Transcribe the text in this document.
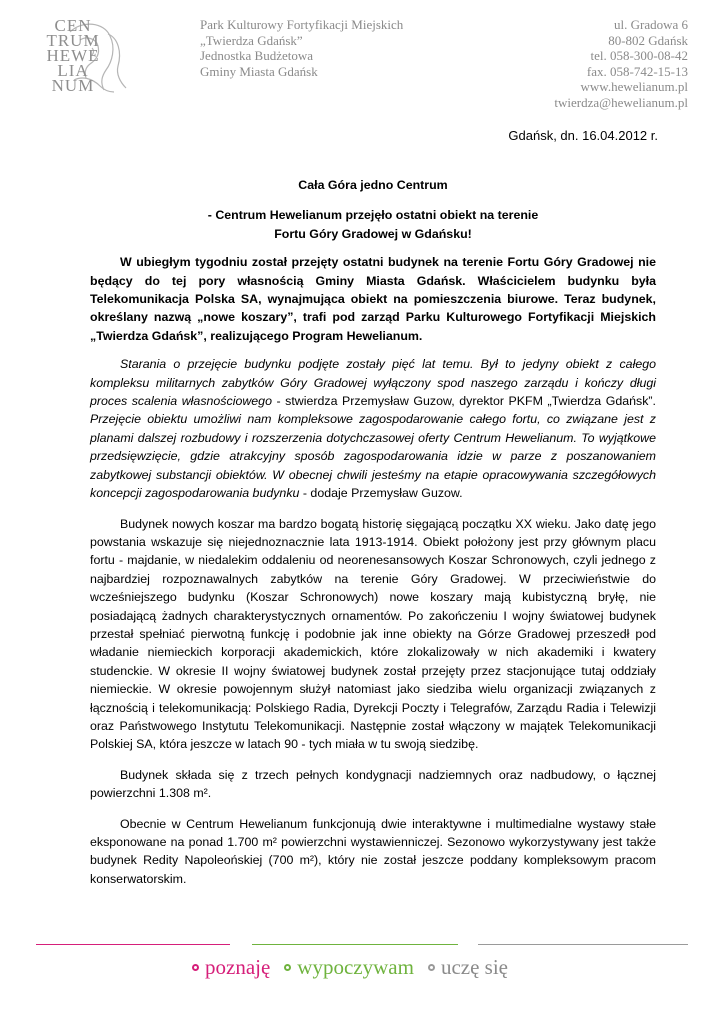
CEN
TRUM
HEWE
LIA
NUM
Park Kulturowy Fortyfikacji Miejskich
„Twierdza Gdańsk”
Jednostka Budżetowa
Gminy Miasta Gdańsk
ul. Gradowa 6
80-802 Gdańsk
tel. 058-300-08-42
fax. 058-742-15-13
www.hewelianum.pl
twierdza@hewelianum.pl
Gdańsk, dn. 16.04.2012 r.
Cała Góra jedno Centrum
- Centrum Hewelianum przejęło ostatni obiekt na terenie
Fortu Góry Gradowej w Gdańsku!

W ubiegłym tygodniu został przejęty ostatni budynek na terenie Fortu Góry Gradowej nie będący do tej pory własnością Gminy Miasta Gdańsk. Właścicielem budynku była Telekomunikacja Polska SA, wynajmująca obiekt na pomieszczenia biurowe. Teraz budynek, określany nazwą „nowe koszary”, trafi pod zarząd Parku Kulturowego Fortyfikacji Miejskich „Twierdza Gdańsk”, realizującego Program Hewelianum.

Starania o przejęcie budynku podjęte zostały pięć lat temu. Był to jedyny obiekt z całego kompleksu militarnych zabytków Góry Gradowej wyłączony spod naszego zarządu i kończy długi proces scalenia własnościowego - stwierdza Przemysław Guzow, dyrektor PKFM „Twierdza Gdańsk”. Przejęcie obiektu umożliwi nam kompleksowe zagospodarowanie całego fortu, co związane jest z planami dalszej rozbudowy i rozszerzenia dotychczasowej oferty Centrum Hewelianum. To wyjątkowe przedsięwzięcie, gdzie atrakcyjny sposób zagospodarowania idzie w parze z poszanowaniem zabytkowej substancji obiektów. W obecnej chwili jesteśmy na etapie opracowywania szczegółowych koncepcji zagospodarowania budynku - dodaje Przemysław Guzow.

Budynek nowych koszar ma bardzo bogatą historię sięgającą początku XX wieku. Jako datę jego powstania wskazuje się niejednoznacznie lata 1913-1914. Obiekt położony jest przy głównym placu fortu - majdanie, w niedalekim oddaleniu od neorenesansowych Koszar Schronowych, czyli jednego z najbardziej rozpoznawalnych zabytków na terenie Góry Gradowej. W przeciwieństwie do wcześniejszego budynku (Koszar Schronowych) nowe koszary mają kubistyczną bryłę, nie posiadającą żadnych charakterystycznych ornamentów. Po zakończeniu I wojny światowej budynek przestał spełniać pierwotną funkcję i podobnie jak inne obiekty na Górze Gradowej przeszedł pod władanie niemieckich korporacji akademickich, które zlokalizowały w nich akademiki i kwatery studenckie. W okresie II wojny światowej budynek został przejęty przez stacjonujące tutaj oddziały niemieckie. W okresie powojennym służył natomiast jako siedziba wielu organizacji związanych z łącznością i telekomunikacją: Polskiego Radia, Dyrekcji Poczty i Telegrafów, Zarządu Radia i Telewizji oraz Państwowego Instytutu Telekomunikacji. Następnie został włączony w majątek Telekomunikacji Polskiej SA, która jeszcze w latach 90 - tych miała w tu swoją siedzibę.

Budynek składa się z trzech pełnych kondygnacji nadziemnych oraz nadbudowy, o łącznej powierzchni 1.308 m².

Obecnie w Centrum Hewelianum funkcjonują dwie interaktywne i multimedialne wystawy stałe eksponowane na ponad 1.700 m² powierzchni wystawienniczej. Sezonowo wykorzystywany jest także budynek Redity Napoleońskiej (700 m²), który nie został jeszcze poddany kompleksowym pracom konserwatorskim.

poznaję wypoczywam uczę się
